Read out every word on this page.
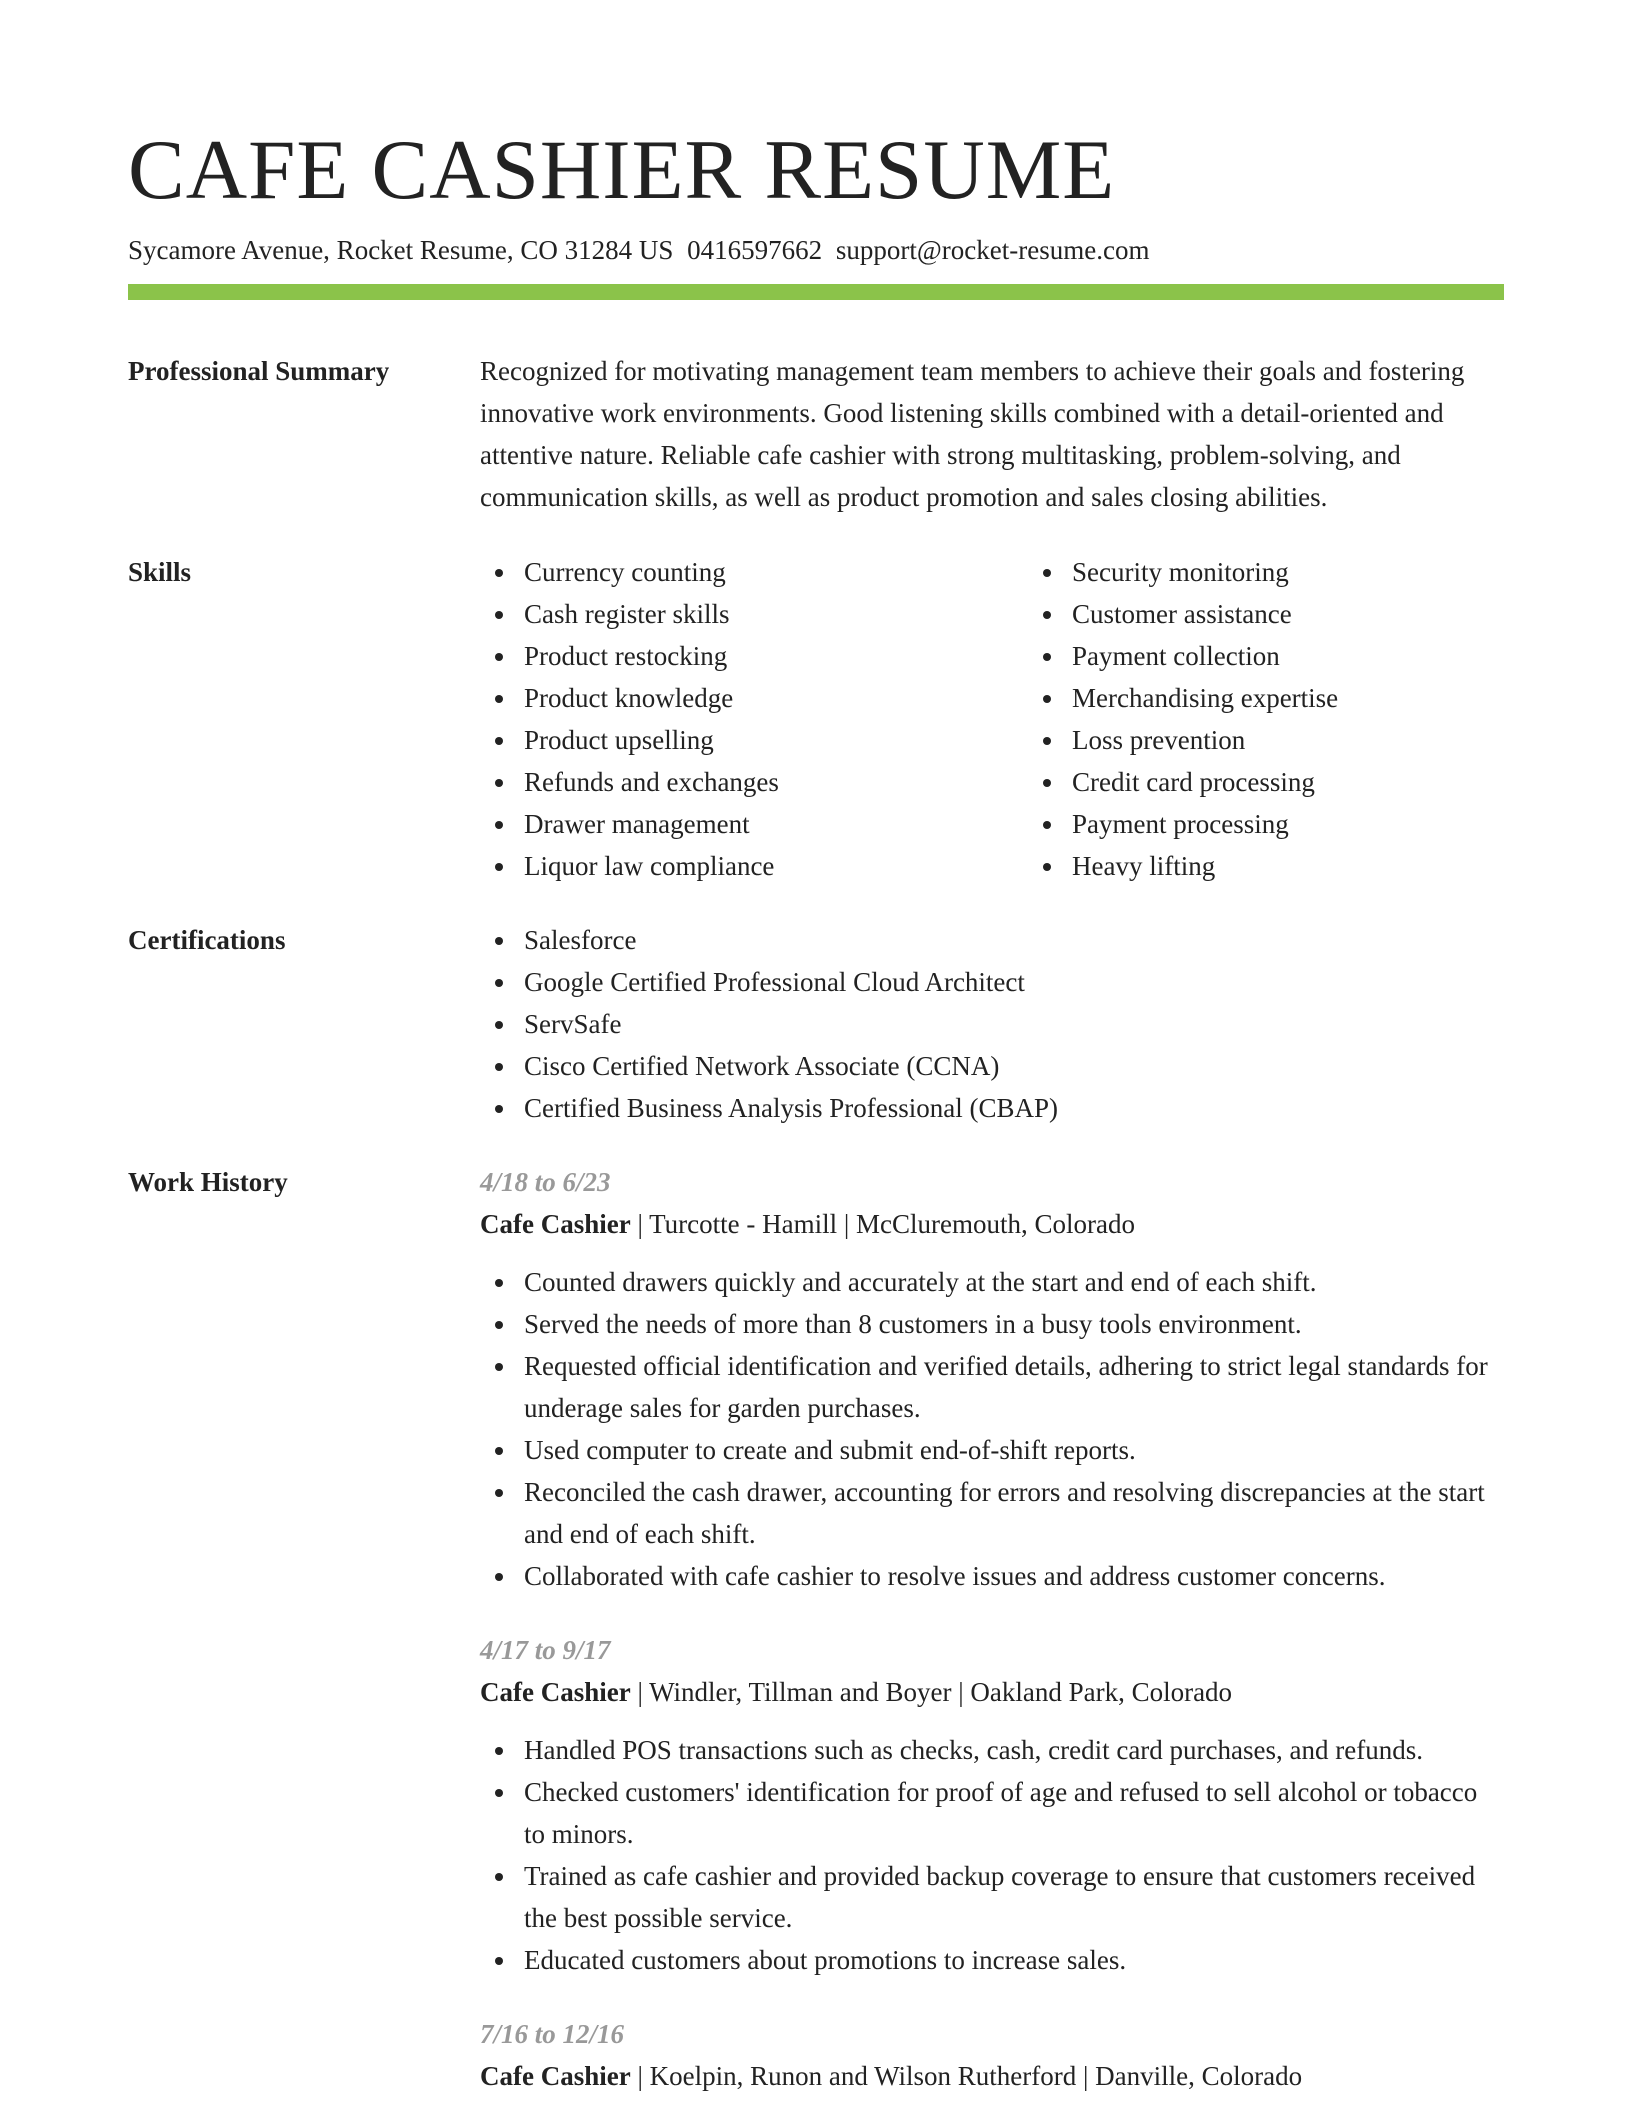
CAFE CASHIER RESUME
Sycamore Avenue, Rocket Resume, CO 31284 US 0416597662 support@rocket-resume.com
Professional Summary	Recognized for motivating management team members to achieve their goals and fostering innovative work environments. Good listening skills combined with a detail-oriented and attentive nature. Reliable cafe cashier with strong multitasking, problem-solving, and communication skills, as well as product promotion and sales closing abilities.
Skills	Currency counting
Cash register skills
Product restocking
Product knowledge
Product upselling
Refunds and exchanges
Drawer management
Liquor law compliance
Security monitoring
Customer assistance
Payment collection
Merchandising expertise
Loss prevention
Credit card processing
Payment processing
Heavy lifting
Certifications	Salesforce
Google Certified Professional Cloud Architect
ServSafe
Cisco Certified Network Associate (CCNA)
Certified Business Analysis Professional (CBAP)
Work History	4/18 to 6/23
Cafe Cashier | Turcotte - Hamill | McCluremouth, Colorado
Counted drawers quickly and accurately at the start and end of each shift.
Served the needs of more than 8 customers in a busy tools environment.
Requested official identification and verified details, adhering to strict legal standards for underage sales for garden purchases.
Used computer to create and submit end-of-shift reports.
Reconciled the cash drawer, accounting for errors and resolving discrepancies at the start and end of each shift.
Collaborated with cafe cashier to resolve issues and address customer concerns.
4/17 to 9/17
Cafe Cashier | Windler, Tillman and Boyer | Oakland Park, Colorado
Handled POS transactions such as checks, cash, credit card purchases, and refunds.
Checked customers' identification for proof of age and refused to sell alcohol or tobacco to minors.
Trained as cafe cashier and provided backup coverage to ensure that customers received the best possible service.
Educated customers about promotions to increase sales.
7/16 to 12/16
Cafe Cashier | Koelpin, Runon and Wilson Rutherford | Danville, Colorado
